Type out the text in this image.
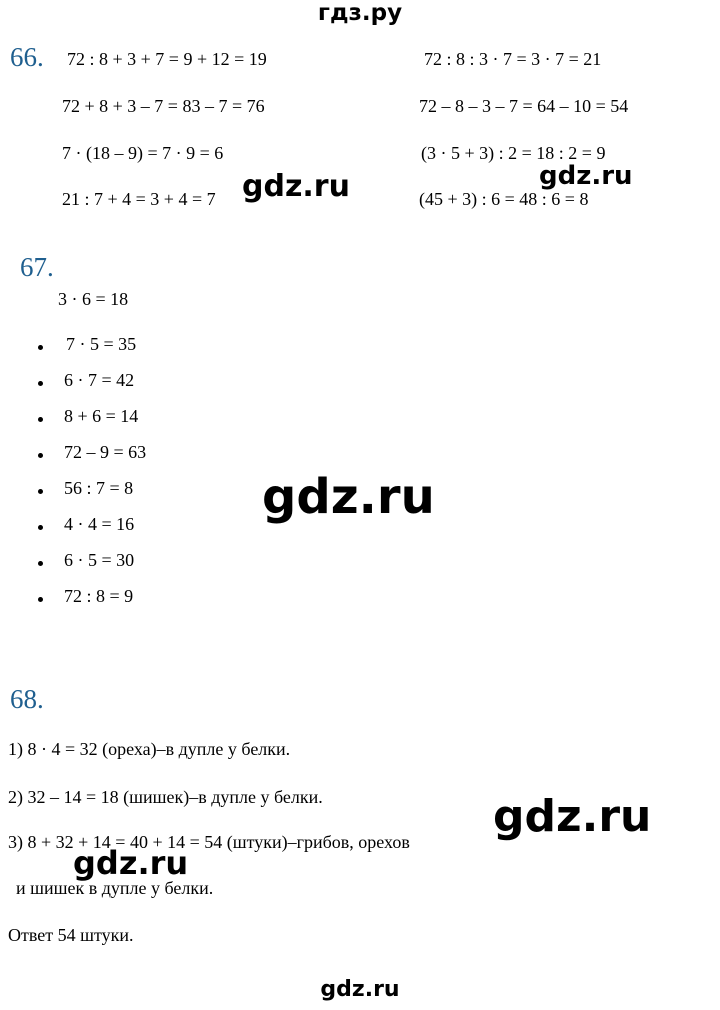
гдз.ру
66. 72 : 8 + 3 + 7 = 9 + 12 = 19
72 + 8 + 3 – 7 = 83 – 7 = 76
7 · (18 – 9) = 7 · 9 = 6
21 : 7 + 4 = 3 + 4 = 7
72 : 8 : 3 · 7 = 3 · 7 = 21
72 – 8 – 3 – 7 = 64 – 10 = 54
(3 · 5 + 3) : 2 = 18 : 2 = 9
(45 + 3) : 6 = 48 : 6 = 8
gdz.ru	gdz.ru
67.
3 · 6 = 18
7 · 5 = 35
6 · 7 = 42
8 + 6 = 14
72 – 9 = 63
56 : 7 = 8
4 · 4 = 16
6 · 5 = 30
72 : 8 = 9
gdz.ru
68.
1) 8 · 4 = 32 (ореха)–в дупле у белки.
2) 32 – 14 = 18 (шишек)–в дупле у белки.
3) 8 + 32 + 14 = 40 + 14 = 54 (штуки)–грибов, орехов
и шишек в дупле у белки.
Ответ 54 штуки.
gdz.ru
gdz.ru
gdz.ru
